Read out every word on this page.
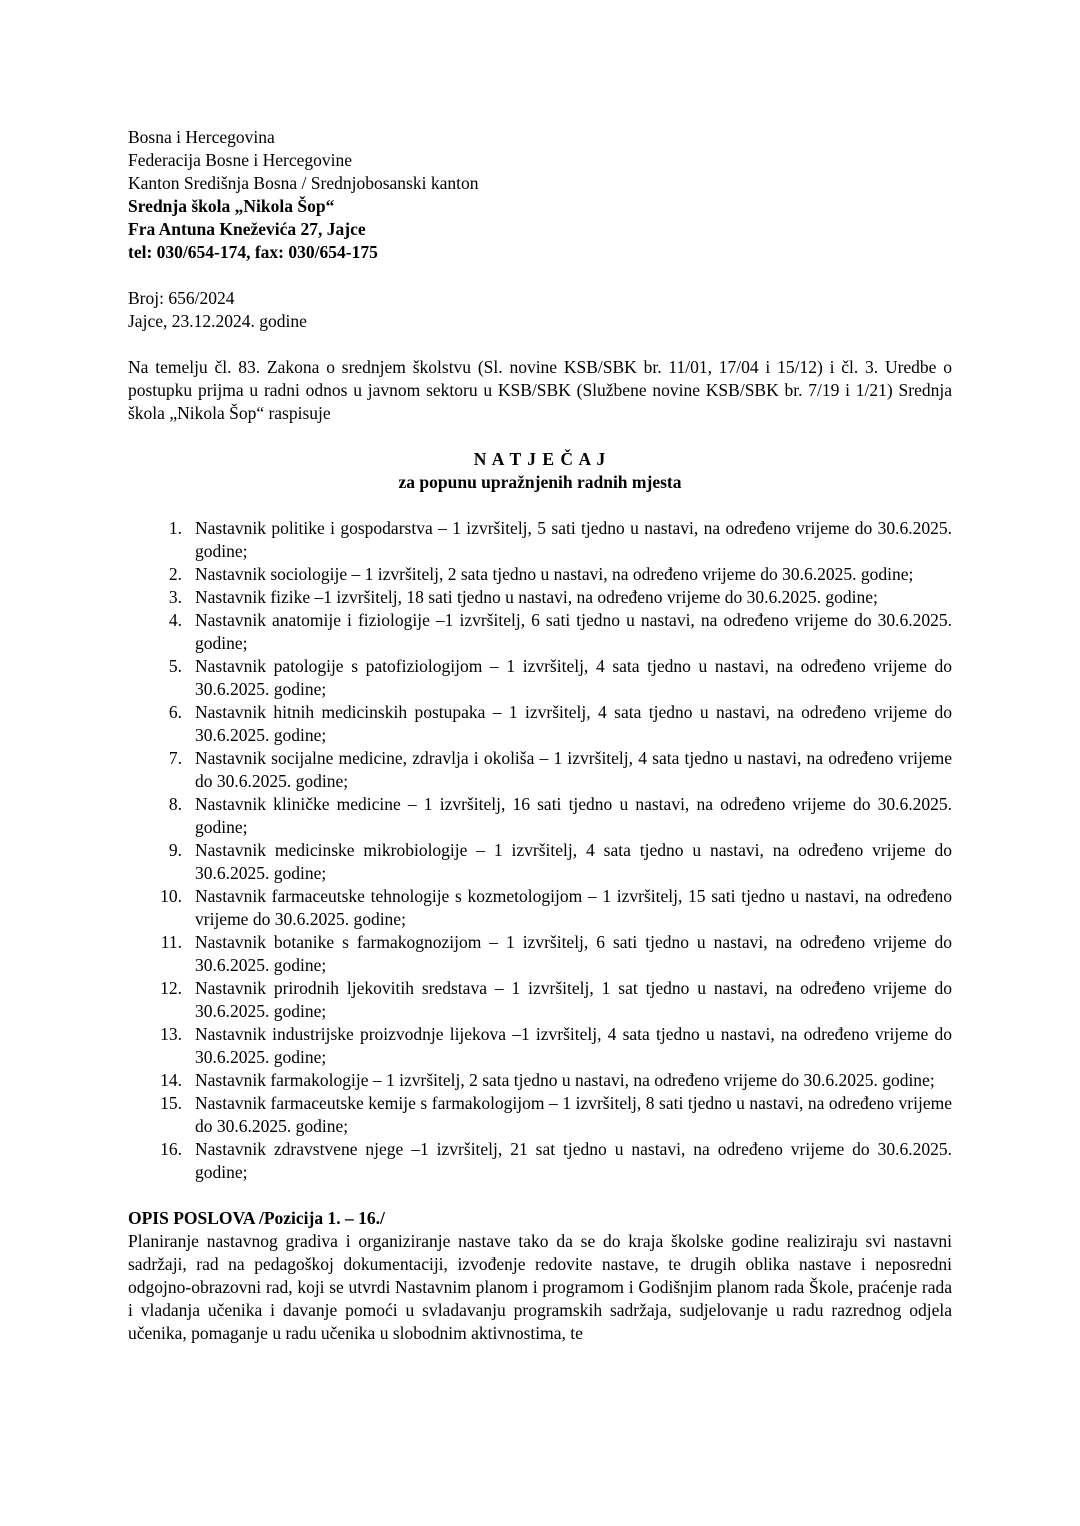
Bosna i Hercegovina
Federacija Bosne i Hercegovine
Kanton Središnja Bosna / Srednjobosanski kanton
Srednja škola „Nikola Šop“
Fra Antuna Kneževića 27, Jajce
tel: 030/654-174, fax: 030/654-175
Broj: 656/2024
Jajce, 23.12.2024. godine

Na temelju čl. 83. Zakona o srednjem školstvu (Sl. novine KSB/SBK br. 11/01, 17/04 i 15/12) i čl. 3. Uredbe o postupku prijma u radni odnos u javnom sektoru u KSB/SBK (Službene novine KSB/SBK br. 7/19 i 1/21) Srednja škola „Nikola Šop“ raspisuje

N A T J E Č A J
za popunu upražnjenih radnih mjesta
1. Nastavnik politike i gospodarstva – 1 izvršitelj, 5 sati tjedno u nastavi, na određeno vrijeme do 30.6.2025. godine;
2. Nastavnik sociologije – 1 izvršitelj, 2 sata tjedno u nastavi, na određeno vrijeme do 30.6.2025. godine;
3. Nastavnik fizike –1 izvršitelj, 18 sati tjedno u nastavi, na određeno vrijeme do 30.6.2025. godine;
4. Nastavnik anatomije i fiziologije –1 izvršitelj, 6 sati tjedno u nastavi, na određeno vrijeme do 30.6.2025. godine;
5. Nastavnik patologije s patofiziologijom – 1 izvršitelj, 4 sata tjedno u nastavi, na određeno vrijeme do 30.6.2025. godine;
6. Nastavnik hitnih medicinskih postupaka – 1 izvršitelj, 4 sata tjedno u nastavi, na određeno vrijeme do 30.6.2025. godine;
7. Nastavnik socijalne medicine, zdravlja i okoliša – 1 izvršitelj, 4 sata tjedno u nastavi, na određeno vrijeme do 30.6.2025. godine;
8. Nastavnik kliničke medicine – 1 izvršitelj, 16 sati tjedno u nastavi, na određeno vrijeme do 30.6.2025. godine;
9. Nastavnik medicinske mikrobiologije – 1 izvršitelj, 4 sata tjedno u nastavi, na određeno vrijeme do 30.6.2025. godine;
10. Nastavnik farmaceutske tehnologije s kozmetologijom – 1 izvršitelj, 15 sati tjedno u nastavi, na određeno vrijeme do 30.6.2025. godine;
11. Nastavnik botanike s farmakognozijom – 1 izvršitelj, 6 sati tjedno u nastavi, na određeno vrijeme do 30.6.2025. godine;
12. Nastavnik prirodnih ljekovitih sredstava – 1 izvršitelj, 1 sat tjedno u nastavi, na određeno vrijeme do 30.6.2025. godine;
13. Nastavnik industrijske proizvodnje lijekova –1 izvršitelj, 4 sata tjedno u nastavi, na određeno vrijeme do 30.6.2025. godine;
14. Nastavnik farmakologije – 1 izvršitelj, 2 sata tjedno u nastavi, na određeno vrijeme do 30.6.2025. godine;
15. Nastavnik farmaceutske kemije s farmakologijom – 1 izvršitelj, 8 sati tjedno u nastavi, na određeno vrijeme do 30.6.2025. godine;
16. Nastavnik zdravstvene njege –1 izvršitelj, 21 sat tjedno u nastavi, na određeno vrijeme do 30.6.2025. godine;
OPIS POSLOVA /Pozicija 1. – 16./

Planiranje nastavnog gradiva i organiziranje nastave tako da se do kraja školske godine realiziraju svi nastavni sadržaji, rad na pedagoškoj dokumentaciji, izvođenje redovite nastave, te drugih oblika nastave i neposredni odgojno-obrazovni rad, koji se utvrdi Nastavnim planom i programom i Godišnjim planom rada Škole, praćenje rada i vladanja učenika i davanje pomoći u svladavanju programskih sadržaja, sudjelovanje u radu razrednog odjela učenika, pomaganje u radu učenika u slobodnim aktivnostima, te
